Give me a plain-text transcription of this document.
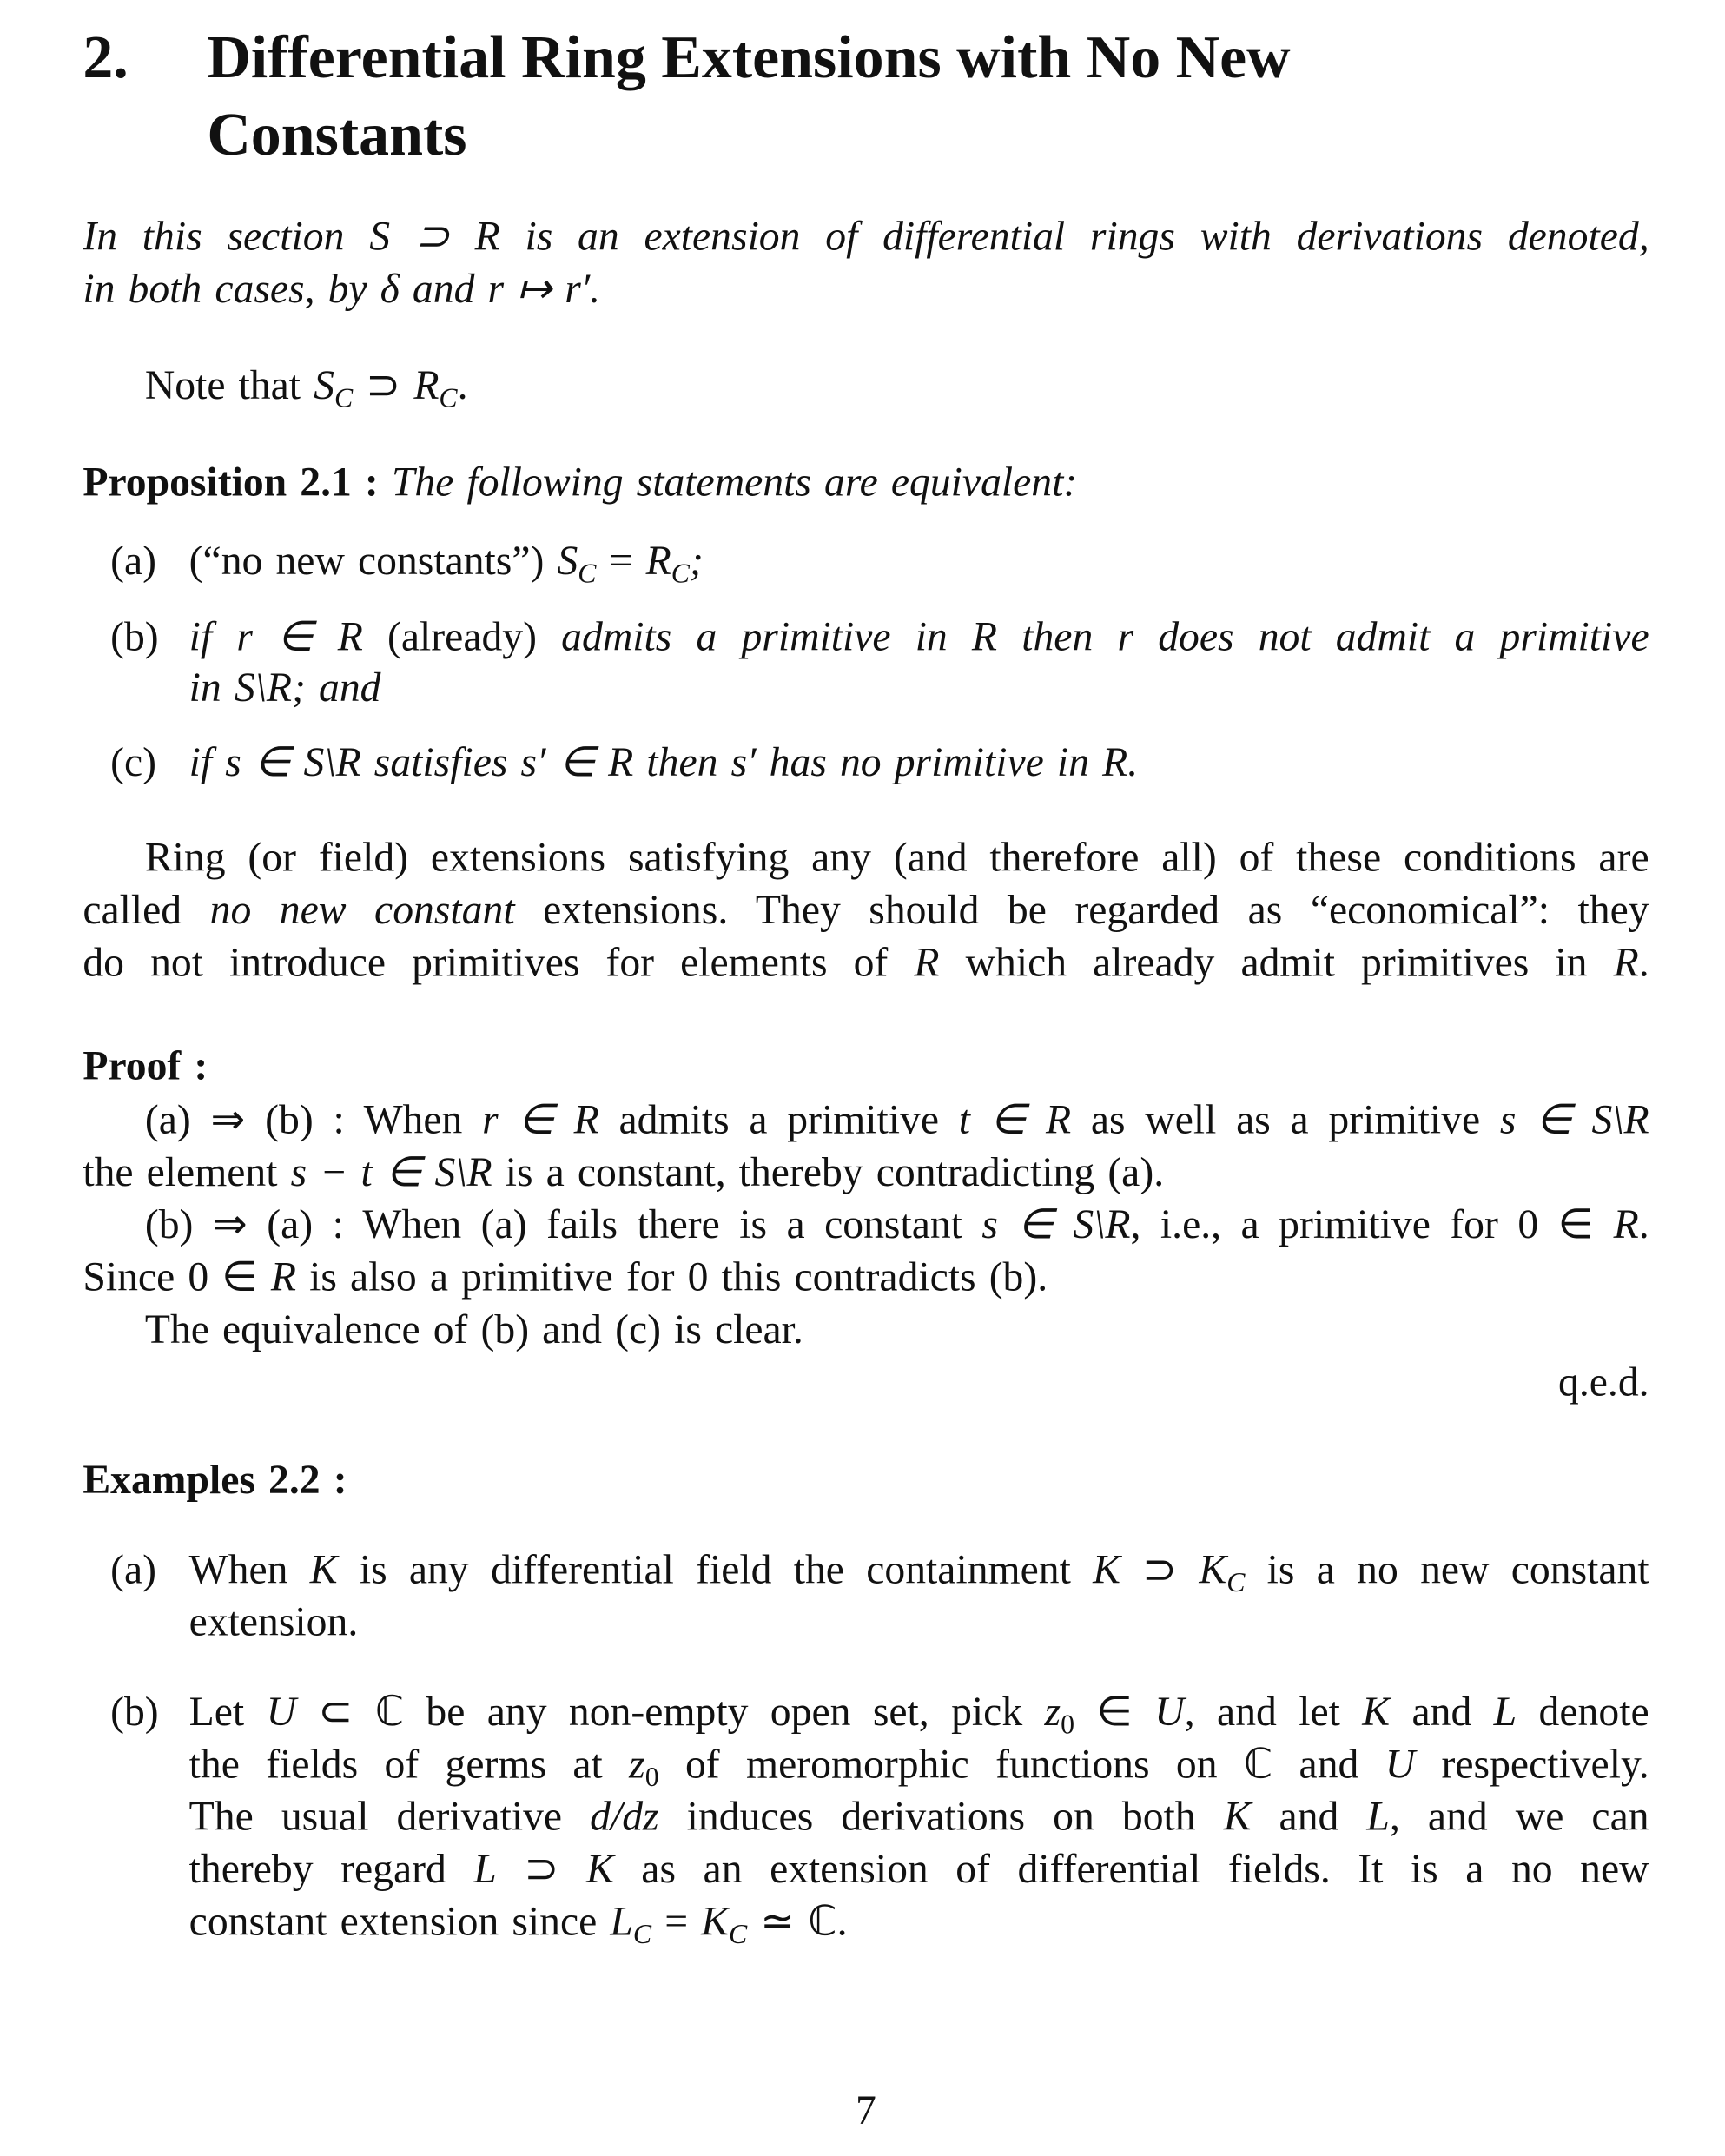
2. Differential Ring Extensions with No New
Constants
In this section S ⊃ R is an extension of differential rings with derivations denoted,
in both cases, by δ and r ↦ r′.
Note that $S_C$ ⊃ $R_C$.
Proposition 2.1 : The following statements are equivalent:
(a) (“no new constants”) $S_C = R_C$;
(b) if r ∈ R (already) admits a primitive in R then r does not admit a primitive
in S\R; and
(c) if s ∈ S\R satisfies s′ ∈ R then s′ has no primitive in R.
Ring (or field) extensions satisfying any (and therefore all) of these conditions are
called no new constant extensions. They should be regarded as “economical”: they
do not introduce primitives for elements of R which already admit primitives in R.
Proof :
(a) ⇒ (b) : When r ∈ R admits a primitive t ∈ R as well as a primitive s ∈ S\R
the element s − t ∈ S\R is a constant, thereby contradicting (a).
(b) ⇒ (a) : When (a) fails there is a constant s ∈ S\R, i.e., a primitive for 0 ∈ R.
Since 0 ∈ R is also a primitive for 0 this contradicts (b).
The equivalence of (b) and (c) is clear.
q.e.d.
Examples 2.2 :
(a) When K is any differential field the containment K ⊃ $K_C$ is a no new constant
extension.
(b) Let U ⊂ ℂ be any non-empty open set, pick $z_0$ ∈ U, and let K and L denote
the fields of germs at $z_0$ of meromorphic functions on ℂ and U respectively.
The usual derivative d/dz induces derivations on both K and L, and we can
thereby regard L ⊃ K as an extension of differential fields. It is a no new
constant extension since $L_C = K_C$ ≃ ℂ.
7
